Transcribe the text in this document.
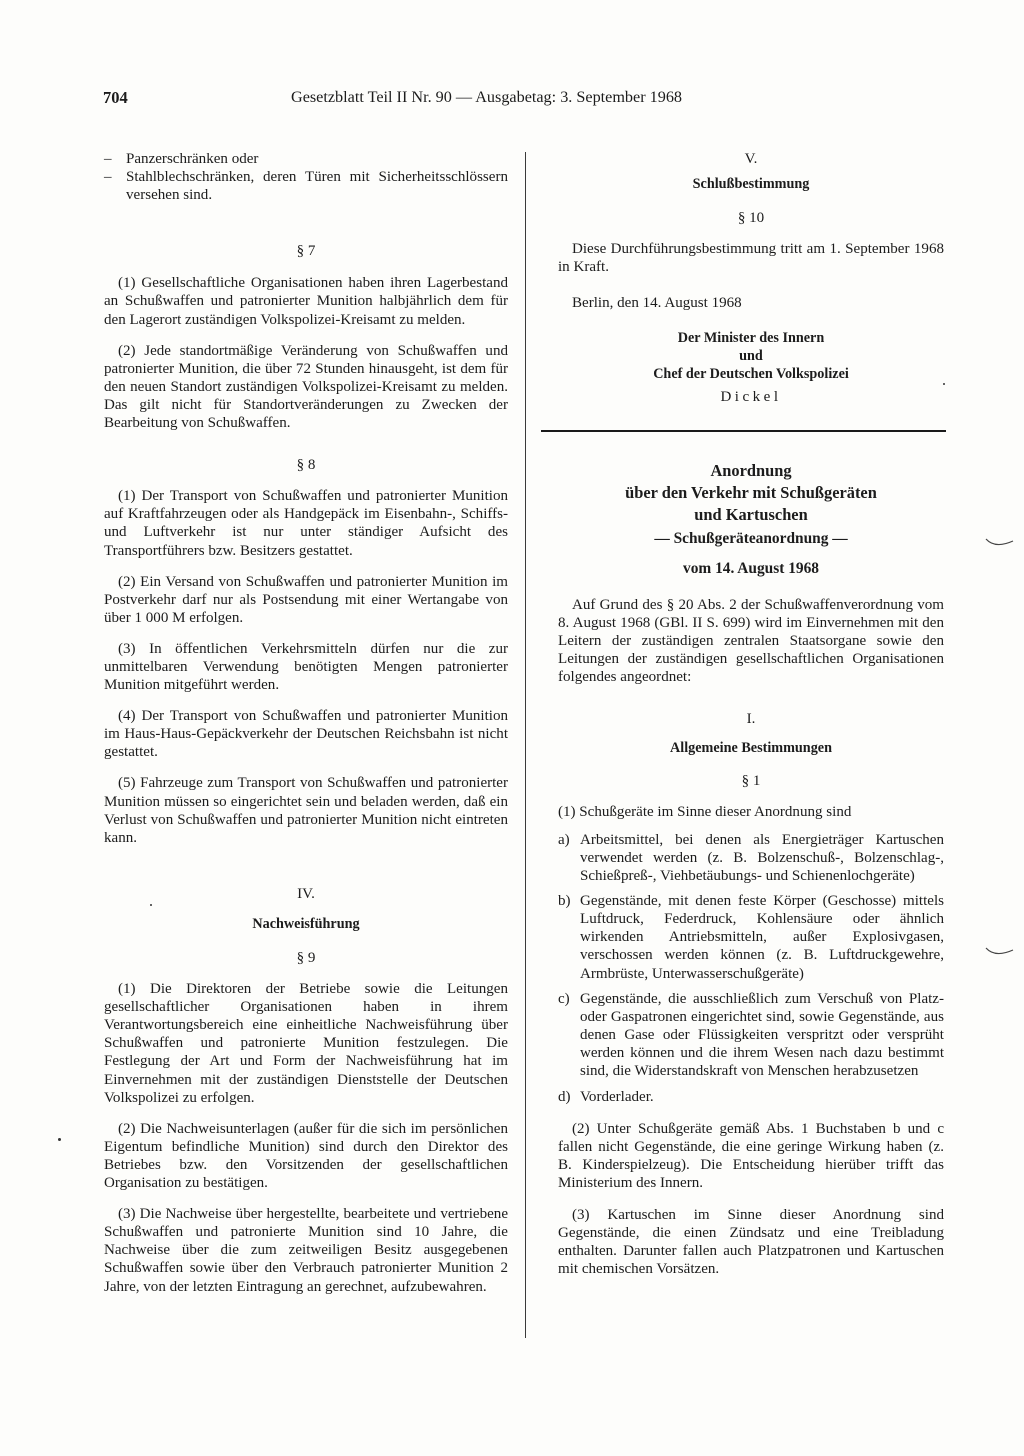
704	Gesetzblatt Teil II Nr. 90 — Ausgabetag: 3. September 1968
– Panzerschränken oder
– Stahlblechschränken, deren Türen mit Sicherheitsschlössern versehen sind.

§ 7

(1) Gesellschaftliche Organisationen haben ihren Lagerbestand an Schußwaffen und patronierter Munition halbjährlich dem für den Lagerort zuständigen Volkspolizei-Kreisamt zu melden.

(2) Jede standortmäßige Veränderung von Schußwaffen und patronierter Munition, die über 72 Stunden hinausgeht, ist dem für den neuen Standort zuständigen Volkspolizei-Kreisamt zu melden. Das gilt nicht für Standortveränderungen zu Zwecken der Bearbeitung von Schußwaffen.

§ 8

(1) Der Transport von Schußwaffen und patronierter Munition auf Kraftfahrzeugen oder als Handgepäck im Eisenbahn-, Schiffs- und Luftverkehr ist nur unter ständiger Aufsicht des Transportführers bzw. Besitzers gestattet.

(2) Ein Versand von Schußwaffen und patronierter Munition im Postverkehr darf nur als Postsendung mit einer Wertangabe von über 1 000 M erfolgen.

(3) In öffentlichen Verkehrsmitteln dürfen nur die zur unmittelbaren Verwendung benötigten Mengen patronierter Munition mitgeführt werden.

(4) Der Transport von Schußwaffen und patronierter Munition im Haus-Haus-Gepäckverkehr der Deutschen Reichsbahn ist nicht gestattet.

(5) Fahrzeuge zum Transport von Schußwaffen und patronierter Munition müssen so eingerichtet sein und beladen werden, daß ein Verlust von Schußwaffen und patronierter Munition nicht eintreten kann.

IV.

Nachweisführung

§ 9

(1) Die Direktoren der Betriebe sowie die Leitungen gesellschaftlicher Organisationen haben in ihrem Verantwortungsbereich eine einheitliche Nachweisführung über Schußwaffen und patronierte Munition festzulegen. Die Festlegung der Art und Form der Nachweisführung hat im Einvernehmen mit der zuständigen Dienststelle der Deutschen Volkspolizei zu erfolgen.

(2) Die Nachweisunterlagen (außer für die sich im persönlichen Eigentum befindliche Munition) sind durch den Direktor des Betriebes bzw. den Vorsitzenden der gesellschaftlichen Organisation zu bestätigen.

(3) Die Nachweise über hergestellte, bearbeitete und vertriebene Schußwaffen und patronierte Munition sind 10 Jahre, die Nachweise über die zum zeitweiligen Besitz ausgegebenen Schußwaffen sowie über den Verbrauch patronierter Munition 2 Jahre, von der letzten Eintragung an gerechnet, aufzubewahren.

V.

Schlußbestimmung

§ 10

Diese Durchführungsbestimmung tritt am 1. September 1968 in Kraft.

Berlin, den 14. August 1968

Der Minister des Innern

und

Chef der Deutschen Volkspolizei

Dickel

Anordnung

über den Verkehr mit Schußgeräten

und Kartuschen

— Schußgeräteanordnung —

vom 14. August 1968

Auf Grund des § 20 Abs. 2 der Schußwaffenverordnung vom 8. August 1968 (GBl. II S. 699) wird im Einvernehmen mit den Leitern der zuständigen zentralen Staatsorgane sowie den Leitungen der zuständigen gesellschaftlichen Organisationen folgendes angeordnet:

I.

Allgemeine Bestimmungen

§ 1

(1) Schußgeräte im Sinne dieser Anordnung sind

a) Arbeitsmittel, bei denen als Energieträger Kartuschen verwendet werden (z. B. Bolzenschuß-, Bolzenschlag-, Schießpreß-, Viehbetäubungs- und Schienenlochgeräte)
b) Gegenstände, mit denen feste Körper (Geschosse) mittels Luftdruck, Federdruck, Kohlensäure oder ähnlich wirkenden Antriebsmitteln, außer Explosivgasen, verschossen werden können (z. B. Luftdruckgewehre, Armbrüste, Unterwasserschußgeräte)
c) Gegenstände, die ausschließlich zum Verschuß von Platz- oder Gaspatronen eingerichtet sind, sowie Gegenstände, aus denen Gase oder Flüssigkeiten verspritzt oder versprüht werden können und die ihrem Wesen nach dazu bestimmt sind, die Widerstandskraft von Menschen herabzusetzen
d) Vorderlader.

(2) Unter Schußgeräte gemäß Abs. 1 Buchstaben b und c fallen nicht Gegenstände, die eine geringe Wirkung haben (z. B. Kinderspielzeug). Die Entscheidung hierüber trifft das Ministerium des Innern.

(3) Kartuschen im Sinne dieser Anordnung sind Gegenstände, die einen Zündsatz und eine Treibladung enthalten. Darunter fallen auch Platzpatronen und Kartuschen mit chemischen Vorsätzen.
